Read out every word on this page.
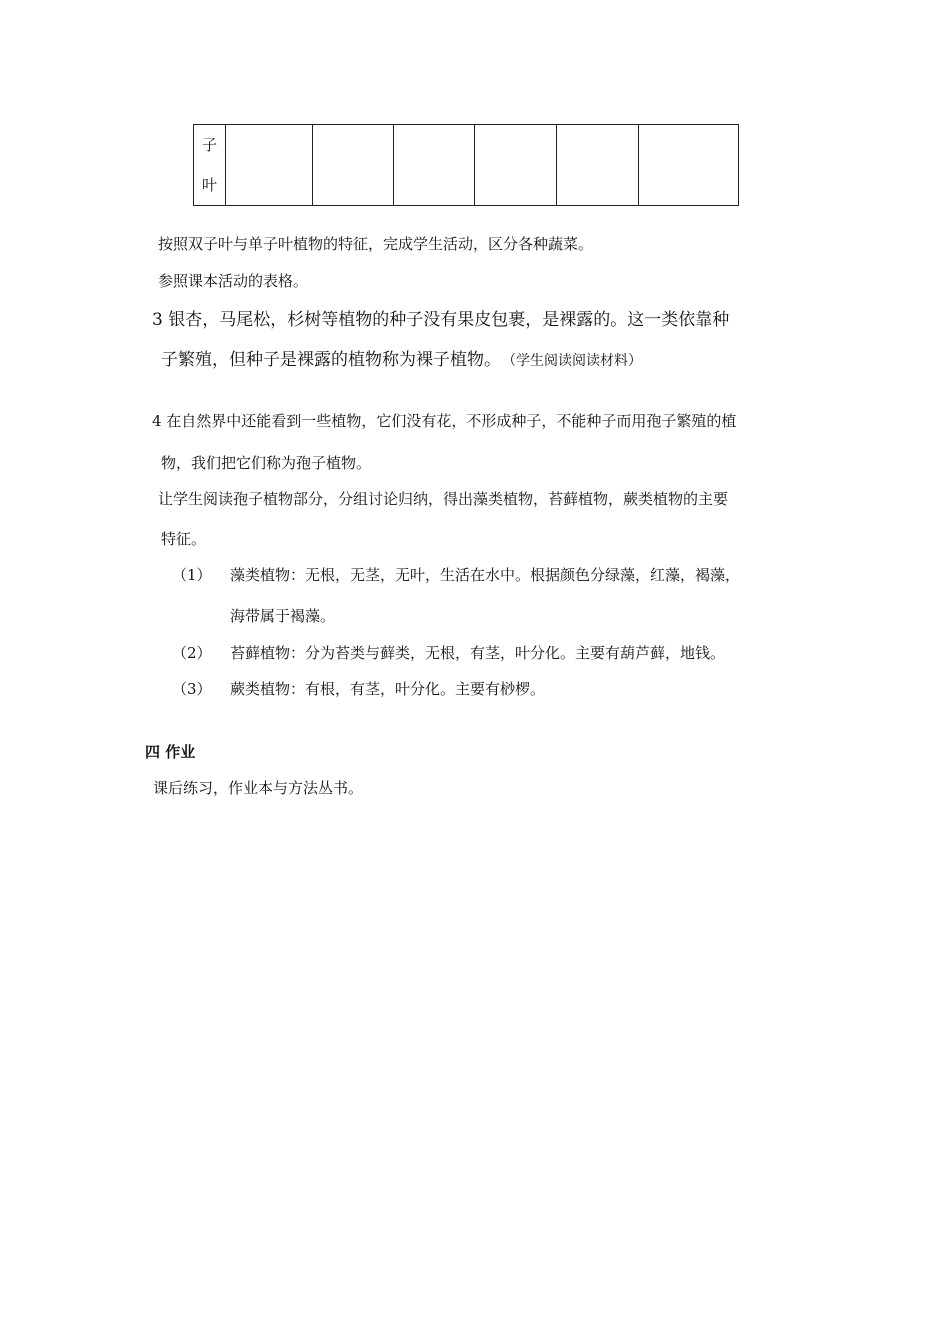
子
叶

按照双子叶与单子叶植物的特征，完成学生活动，区分各种蔬菜。
参照课本活动的表格。
3 银杏，马尾松，杉树等植物的种子没有果皮包裹，是裸露的。这一类依靠种
子繁殖，但种子是裸露的植物称为裸子植物。 （学生阅读阅读材料）
4 在自然界中还能看到一些植物，它们没有花，不形成种子，不能种子而用孢子繁殖的植
物，我们把它们称为孢子植物。
让学生阅读孢子植物部分，分组讨论归纳，得出藻类植物，苔藓植物，蕨类植物的主要
特征。
（1） 藻类植物：无根，无茎，无叶，生活在水中。根据颜色分绿藻，红藻，褐藻，
海带属于褐藻。
（2） 苔藓植物：分为苔类与藓类，无根，有茎，叶分化。主要有葫芦藓，地钱。
（3） 蕨类植物：有根，有茎，叶分化。主要有桫椤。
四 作业
课后练习，作业本与方法丛书。
